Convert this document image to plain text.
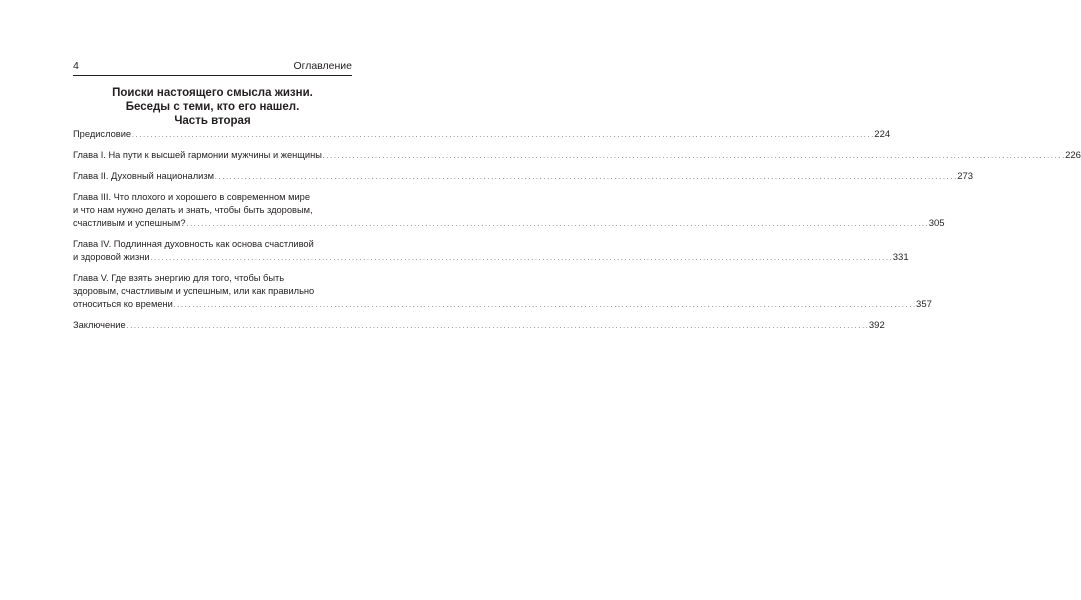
4	Оглавление
Поиски настоящего смысла жизни.
Беседы с теми, кто его нашел.
Часть вторая
Предисловие . . . . . . . . . . . . . . . . . . . . . . . . . . . . . . . . . . . . . . . . . . . . . . . . . . . . . . . . . . . . . . . . . . . . . . . . . . . . . . . . . . . . . . . . . . . . . . . . . . . . . . . . . . . . . . . . . . . . . . . . . . . . . . . . . . . . . . . . . . . . . . . . . . . . . . . . . . . . . . . . . . . . . . . . . . . . . . . . . . . . . . . . . . . . . . . . . . . . . . . 224
Глава I. На пути к высшей гармонии мужчины и женщины . . . . . . . . . . . . . . . . . . . . . . . . . . . . . . . . . . . . . . . . . . . . . . . . . . . . . . . . . . . . . . . . . . . . . . . . . . . . . . . . . . . . . . . . . . . . . . . . . . . . . . . . . . . . . . . . . . . . . . . . . . . . . . . . . . . . . . . . . . . . . . . . . . . . . . . . . . . . . . . . . . . . . . . . . . . . . . . . . . . . . . . . . . . . . . . . . . . . . . . 226
Глава II. Духовный национализм . . . . . . . . . . . . . . . . . . . . . . . . . . . . . . . . . . . . . . . . . . . . . . . . . . . . . . . . . . . . . . . . . . . . . . . . . . . . . . . . . . . . . . . . . . . . . . . . . . . . . . . . . . . . . . . . . . . . . . . . . . . . . . . . . . . . . . . . . . . . . . . . . . . . . . . . . . . . . . . . . . . . . . . . . . . . . . . . . . . . . . . . . . . . . . . . . . . . . . . 273
Глава III. Что плохого и хорошего в современном мире
и что нам нужно делать и знать, чтобы быть здоровым,
счастливым и успешным? . . . . . . . . . . . . . . . . . . . . . . . . . . . . . . . . . . . . . . . . . . . . . . . . . . . . . . . . . . . . . . . . . . . . . . . . . . . . . . . . . . . . . . . . . . . . . . . . . . . . . . . . . . . . . . . . . . . . . . . . . . . . . . . . . . . . . . . . . . . . . . . . . . . . . . . . . . . . . . . . . . . . . . . . . . . . . . . . . . . . . . . . . . . . . . . . . . . . . . . 305
Глава IV. Подлинная духовность как основа счастливой
и здоровой жизни . . . . . . . . . . . . . . . . . . . . . . . . . . . . . . . . . . . . . . . . . . . . . . . . . . . . . . . . . . . . . . . . . . . . . . . . . . . . . . . . . . . . . . . . . . . . . . . . . . . . . . . . . . . . . . . . . . . . . . . . . . . . . . . . . . . . . . . . . . . . . . . . . . . . . . . . . . . . . . . . . . . . . . . . . . . . . . . . . . . . . . . . . . . . . . . . . . . . . . . 331
Глава V. Где взять энергию для того, чтобы быть
здоровым, счастливым и успешным, или как правильно
относиться ко времени . . . . . . . . . . . . . . . . . . . . . . . . . . . . . . . . . . . . . . . . . . . . . . . . . . . . . . . . . . . . . . . . . . . . . . . . . . . . . . . . . . . . . . . . . . . . . . . . . . . . . . . . . . . . . . . . . . . . . . . . . . . . . . . . . . . . . . . . . . . . . . . . . . . . . . . . . . . . . . . . . . . . . . . . . . . . . . . . . . . . . . . . . . . . . . . . . . . . . . . 357
Заключение . . . . . . . . . . . . . . . . . . . . . . . . . . . . . . . . . . . . . . . . . . . . . . . . . . . . . . . . . . . . . . . . . . . . . . . . . . . . . . . . . . . . . . . . . . . . . . . . . . . . . . . . . . . . . . . . . . . . . . . . . . . . . . . . . . . . . . . . . . . . . . . . . . . . . . . . . . . . . . . . . . . . . . . . . . . . . . . . . . . . . . . . . . . . . . . . . . . . . . . 392
